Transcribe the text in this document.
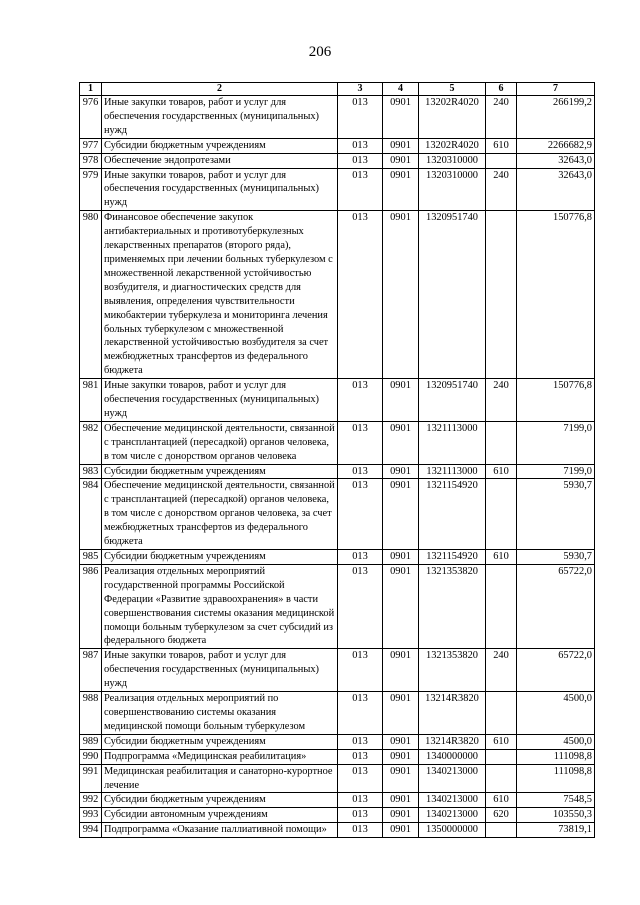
206
1	2	3	4	5	6	7
976	Иные закупки товаров, работ и услуг для обеспечения государственных (муниципальных) нужд	013	0901	13202R4020	240	266199,2
977	Субсидии бюджетным учреждениям	013	0901	13202R4020	610	2266682,9
978	Обеспечение эндопротезами	013	0901	1320310000		32643,0
979	Иные закупки товаров, работ и услуг для обеспечения государственных (муниципальных) нужд	013	0901	1320310000	240	32643,0
980	Финансовое обеспечение закупок антибактериальных и противотуберкулезных лекарственных препаратов (второго ряда), применяемых при лечении больных туберкулезом с множественной лекарственной устойчивостью возбудителя, и диагностических средств для выявления, определения чувствительности микобактерии туберкулеза и мониторинга лечения больных туберкулезом с множественной лекарственной устойчивостью возбудителя за счет межбюджетных трансфертов из федерального бюджета	013	0901	1320951740		150776,8
981	Иные закупки товаров, работ и услуг для обеспечения государственных (муниципальных) нужд	013	0901	1320951740	240	150776,8
982	Обеспечение медицинской деятельности, связанной с трансплантацией (пересадкой) органов человека, в том числе с донорством органов человека	013	0901	1321113000		7199,0
983	Субсидии бюджетным учреждениям	013	0901	1321113000	610	7199,0
984	Обеспечение медицинской деятельности, связанной с трансплантацией (пересадкой) органов человека, в том числе с донорством органов человека, за счет межбюджетных трансфертов из федерального бюджета	013	0901	1321154920		5930,7
985	Субсидии бюджетным учреждениям	013	0901	1321154920	610	5930,7
986	Реализация отдельных мероприятий государственной программы Российской Федерации «Развитие здравоохранения» в части совершенствования системы оказания медицинской помощи больным туберкулезом за счет субсидий из федерального бюджета	013	0901	1321353820		65722,0
987	Иные закупки товаров, работ и услуг для обеспечения государственных (муниципальных) нужд	013	0901	1321353820	240	65722,0
988	Реализация отдельных мероприятий по совершенствованию системы оказания медицинской помощи больным туберкулезом	013	0901	13214R3820		4500,0
989	Субсидии бюджетным учреждениям	013	0901	13214R3820	610	4500,0
990	Подпрограмма «Медицинская реабилитация»	013	0901	1340000000		111098,8
991	Медицинская реабилитация и санаторно-курортное лечение	013	0901	1340213000		111098,8
992	Субсидии бюджетным учреждениям	013	0901	1340213000	610	7548,5
993	Субсидии автономным учреждениям	013	0901	1340213000	620	103550,3
994	Подпрограмма «Оказание паллиативной помощи»	013	0901	1350000000		73819,1
